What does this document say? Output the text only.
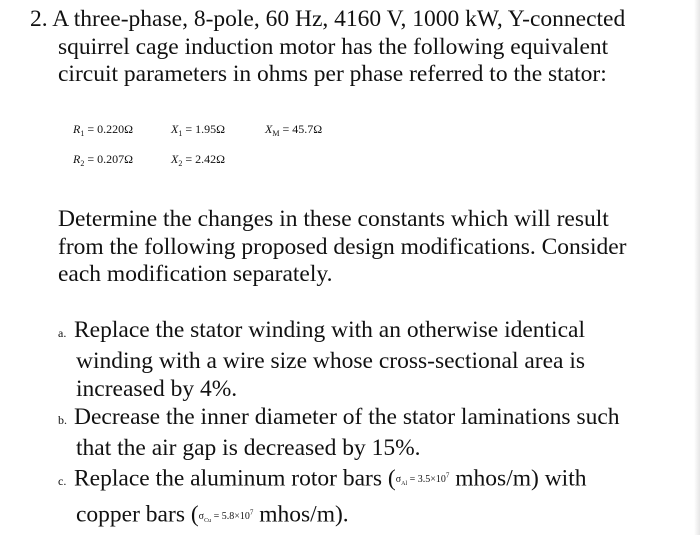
2. A three-phase, 8-pole, 60 Hz, 4160 V, 1000 kW, Y-connected
squirrel cage induction motor has the following equivalent
circuit parameters in ohms per phase referred to the stator:
$R_1 = 0.220\Omega$	$X_1 = 1.95\Omega$	$X_M = 45.7\Omega$
$R_2 = 0.207\Omega$	$X_2 = 2.42\Omega$
Determine the changes in these constants which will result
from the following proposed design modifications. Consider
each modification separately.
a. Replace the stator winding with an otherwise identical
winding with a wire size whose cross-sectional area is
increased by 4%.
b. Decrease the inner diameter of the stator laminations such
that the air gap is decreased by 15%.
c. Replace the aluminum rotor bars ($\sigma_{Al} = 3.5\times 10^7$ mhos/m) with
copper bars ($\sigma_{Cu} = 5.8\times 10^7$ mhos/m).
